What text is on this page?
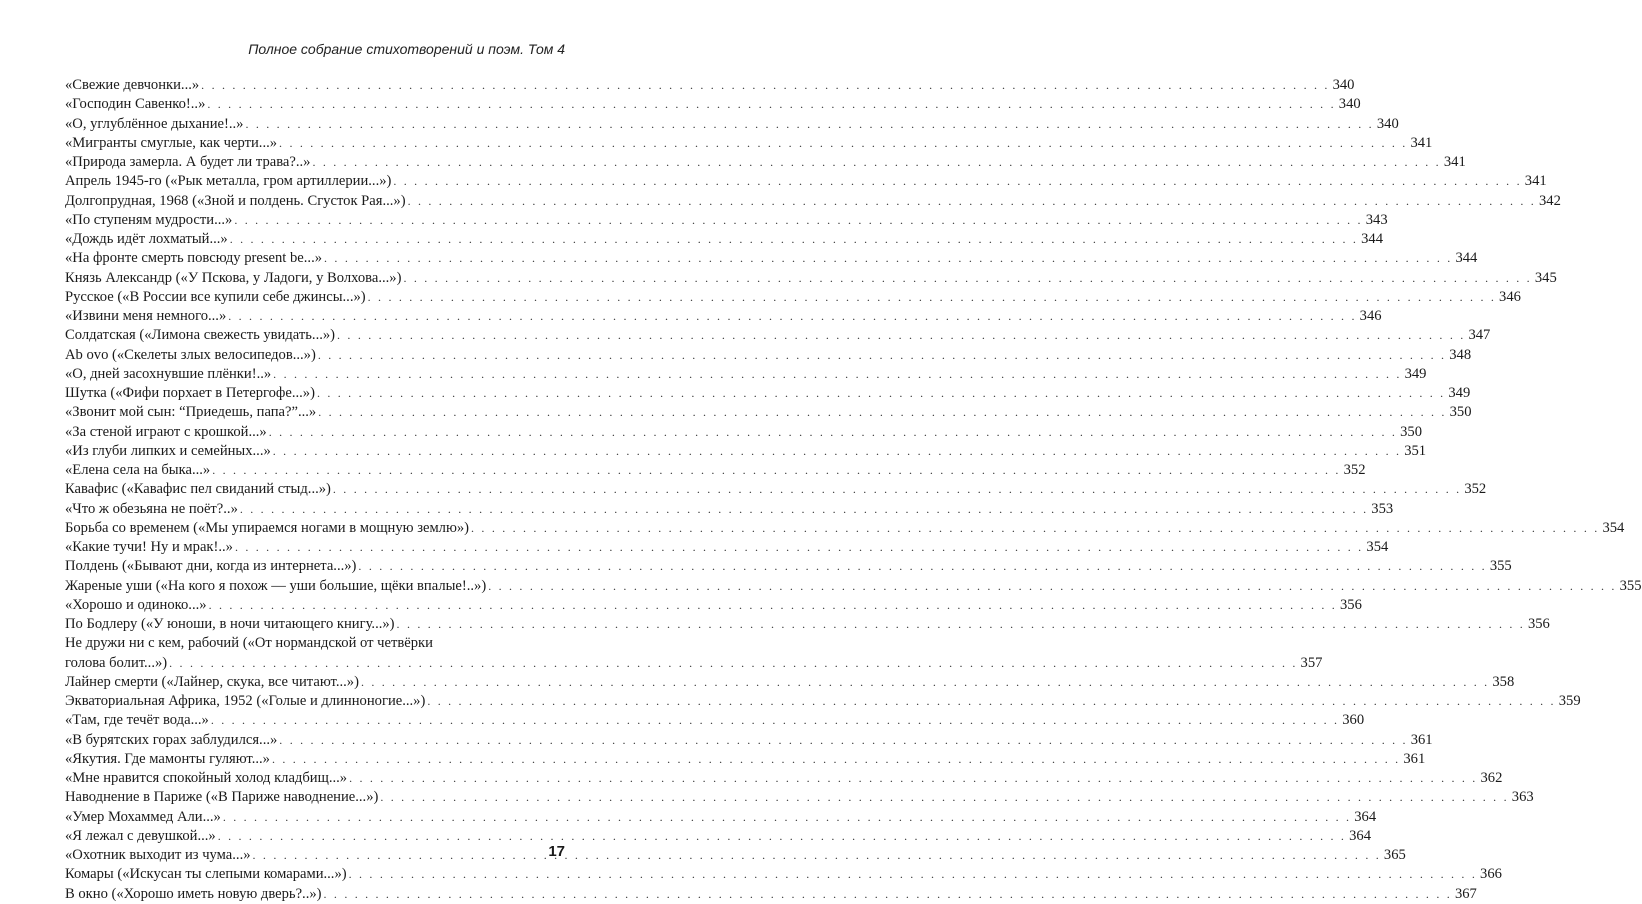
Полное собрание стихотворений и поэм. Том 4
«Свежие девчонки...» . . .	340
«Господин Савенко!..» . . .	340
«О, углублённое дыхание!..» . . .	340
«Мигранты смуглые, как черти...» . . .	341
«Природа замерла. А будет ли трава?..» . . .	341
Апрель 1945-го («Рык металла, гром артиллерии...») . . .	341
Долгопрудная, 1968 («Зной и полдень. Сгусток Рая...») . . .	342
«По ступеням мудрости...» . . .	343
«Дождь идёт лохматый...» . . .	344
«На фронте смерть повсюду present be...» . . .	344
Князь Александр («У Пскова, у Ладоги, у Волхова...») . . .	345
Русское («В России все купили себе джинсы...») . . .	346
«Извини меня немного...» . . .	346
Солдатская («Лимона свежесть увидать...») . . .	347
Ab ovo («Скелеты злых велосипедов...») . . .	348
«О, дней засохнувшие плёнки!..» . . .	349
Шутка («Фифи порхает в Петергофе...») . . .	349
«Звонит мой сын: “Приедешь, папа?”...» . . .	350
«За стеной играют с крошкой...» . . .	350
«Из глуби липких и семейных...» . . .	351
«Елена села на быка...» . . .	352
Кавафис («Кавафис пел свиданий стыд...») . . .	352
«Что ж обезьяна не поёт?..» . . .	353
Борьба со временем («Мы упираемся ногами в мощную землю») . . .	354
«Какие тучи! Ну и мрак!..» . . .	354
Полдень («Бывают дни, когда из интернета...») . . .	355
Жареные уши («На кого я похож — уши большие, щёки впалые!..») . . .	355
«Хорошо и одиноко...» . . .	356
По Бодлеру («У юноши, в ночи читающего книгу...») . . .	356
Не дружи ни с кем, рабочий («От нормандской от четвёрки
голова болит...») . . .	357
Лайнер смерти («Лайнер, скука, все читают...») . . .	358
Экваториальная Африка, 1952 («Голые и длинноногие...») . . .	359
«Там, где течёт вода...» . . .	360
«В бурятских горах заблудился...» . . .	361
«Якутия. Где мамонты гуляют...» . . .	361
«Мне нравится спокойный холод кладбищ...» . . .	362
Наводнение в Париже («В Париже наводнение...») . . .	363
«Умер Мохаммед Али...» . . .	364
«Я лежал с девушкой...» . . .	364
«Охотник выходит из чума...» . . .	365
Комары («Искусан ты слепыми комарами...») . . .	366
В окно («Хорошо иметь новую дверь?..») . . .	367
17
